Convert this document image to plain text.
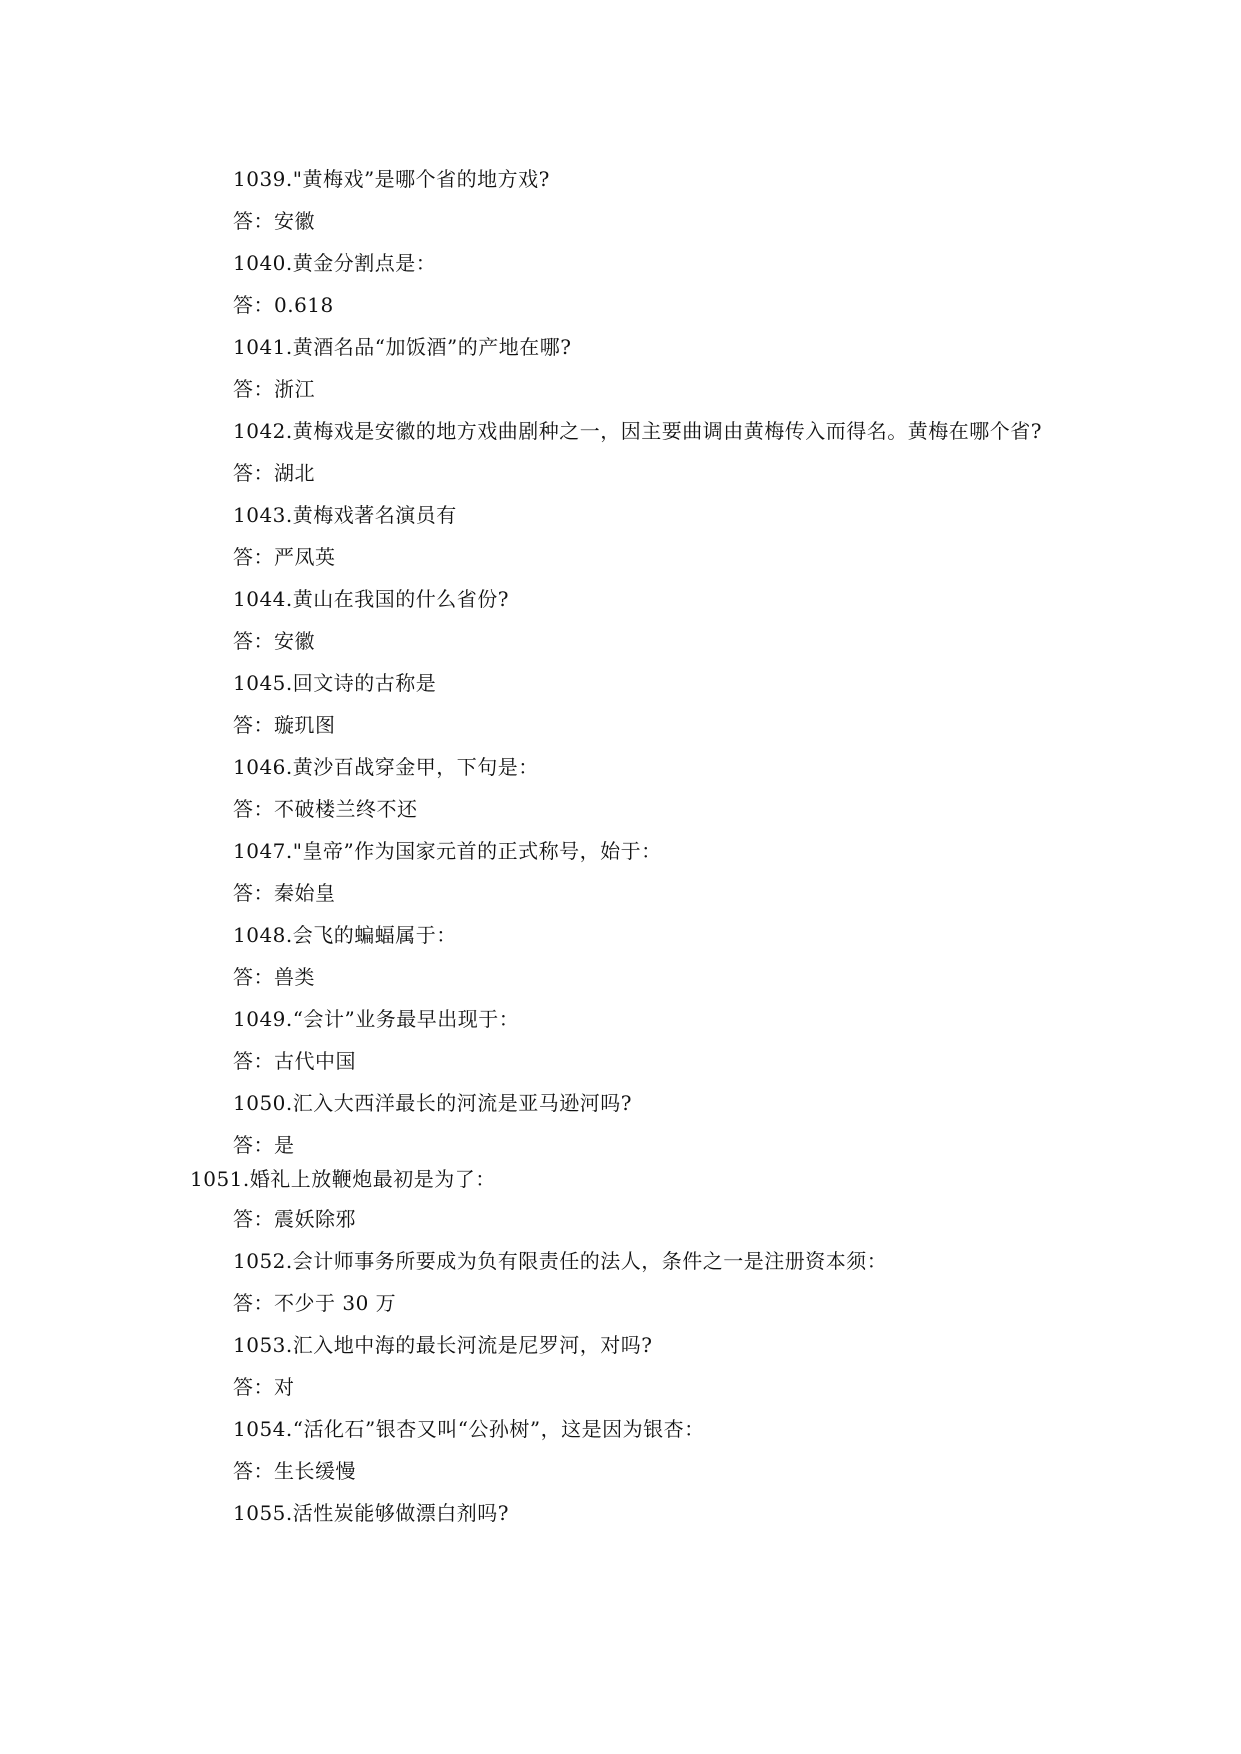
1039."黄梅戏”是哪个省的地方戏?
答：安徽
1040.黄金分割点是：
答：0.618
1041.黄酒名品“加饭酒”的产地在哪?
答：浙江
1042.黄梅戏是安徽的地方戏曲剧种之一，因主要曲调由黄梅传入而得名。黄梅在哪个省?
答：湖北
1043.黄梅戏著名演员有
答：严凤英
1044.黄山在我国的什么省份?
答：安徽
1045.回文诗的古称是
答：璇玑图
1046.黄沙百战穿金甲，下句是：
答：不破楼兰终不还
1047."皇帝”作为国家元首的正式称号，始于：
答：秦始皇
1048.会飞的蝙蝠属于：
答：兽类
1049.“会计”业务最早出现于：
答：古代中国
1050.汇入大西洋最长的河流是亚马逊河吗?
答：是
1051.婚礼上放鞭炮最初是为了：
答：震妖除邪
1052.会计师事务所要成为负有限责任的法人，条件之一是注册资本须：
答：不少于 30 万
1053.汇入地中海的最长河流是尼罗河，对吗?
答：对
1054.“活化石”银杏又叫“公孙树”，这是因为银杏：
答：生长缓慢
1055.活性炭能够做漂白剂吗?
